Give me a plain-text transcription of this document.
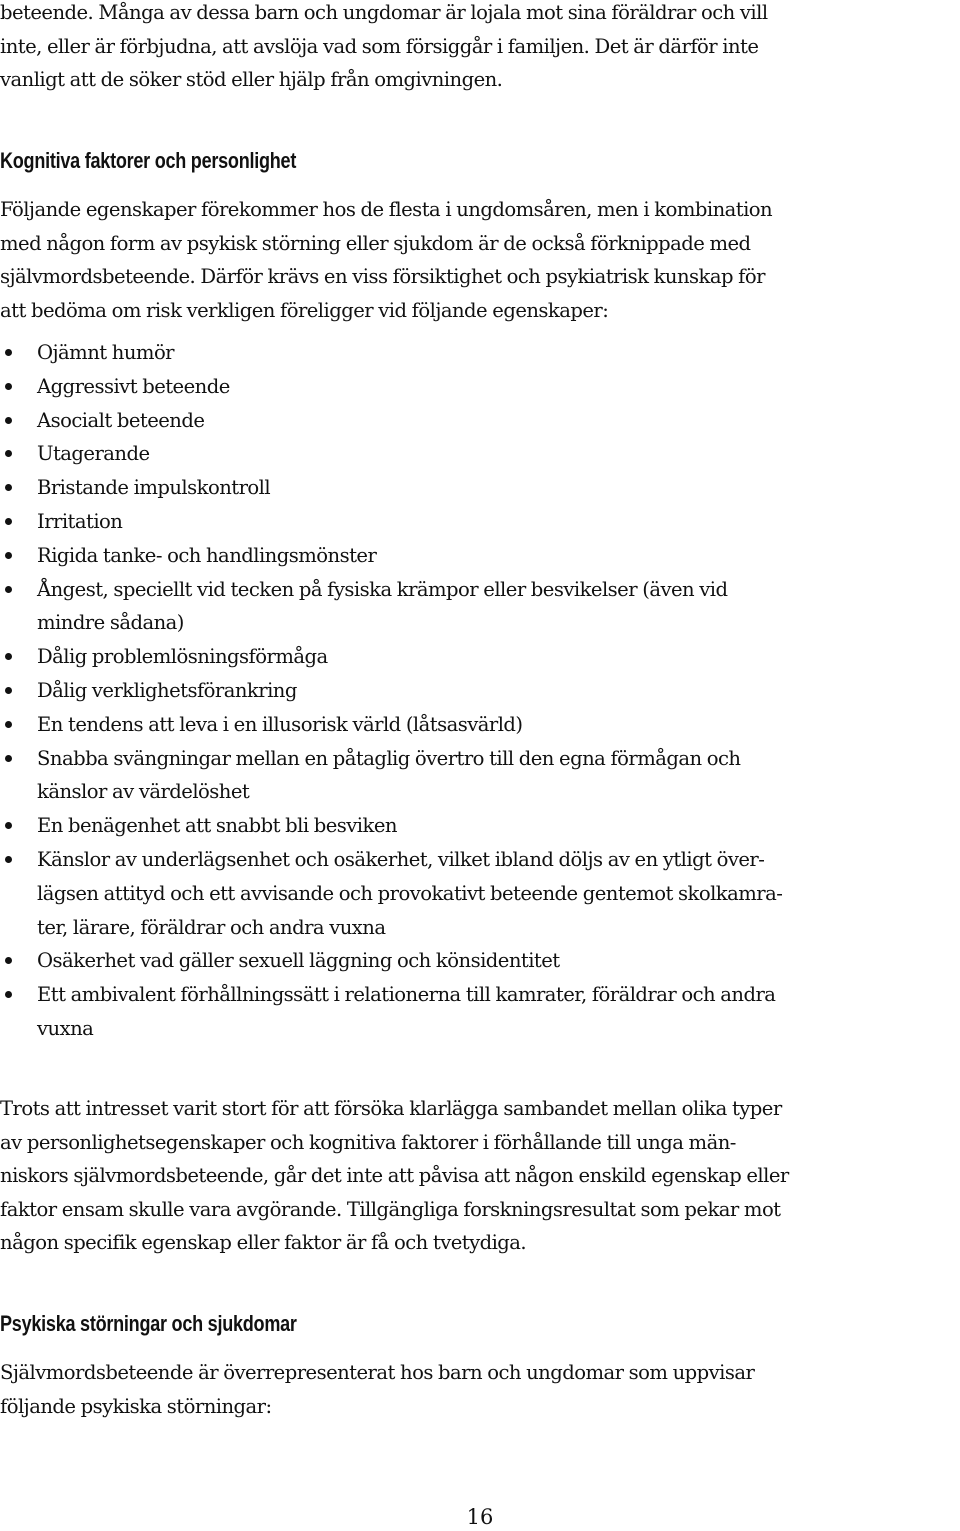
beteende. Många av dessa barn och ungdomar är lojala mot sina föräldrar och vill
inte, eller är förbjudna, att avslöja vad som försiggår i familjen. Det är därför inte
vanligt att de söker stöd eller hjälp från omgivningen.

Kognitiva faktorer och personlighet

Följande egenskaper förekommer hos de flesta i ungdomsåren, men i kombination
med någon form av psykisk störning eller sjukdom är de också förknippade med
självmordsbeteende. Därför krävs en viss försiktighet och psykiatrisk kunskap för
att bedöma om risk verkligen föreligger vid följande egenskaper:

Ojämnt humör
Aggressivt beteende
Asocialt beteende
Utagerande
Bristande impulskontroll
Irritation
Rigida tanke- och handlingsmönster
Ångest, speciellt vid tecken på fysiska krämpor eller besvikelser (även vid
mindre sådana)
Dålig problemlösningsförmåga
Dålig verklighetsförankring
En tendens att leva i en illusorisk värld (låtsasvärld)
Snabba svängningar mellan en påtaglig övertro till den egna förmågan och
känslor av värdelöshet
En benägenhet att snabbt bli besviken
Känslor av underlägsenhet och osäkerhet, vilket ibland döljs av en ytligt över-
lägsen attityd och ett avvisande och provokativt beteende gentemot skolkamra-
ter, lärare, föräldrar och andra vuxna
Osäkerhet vad gäller sexuell läggning och könsidentitet
Ett ambivalent förhållningssätt i relationerna till kamrater, föräldrar och andra
vuxna

Trots att intresset varit stort för att försöka klarlägga sambandet mellan olika typer
av personlighetsegenskaper och kognitiva faktorer i förhållande till unga män-
niskors självmordsbeteende, går det inte att påvisa att någon enskild egenskap eller
faktor ensam skulle vara avgörande. Tillgängliga forskningsresultat som pekar mot
någon specifik egenskap eller faktor är få och tvetydiga.

Psykiska störningar och sjukdomar

Självmordsbeteende är överrepresenterat hos barn och ungdomar som uppvisar
följande psykiska störningar:

16
